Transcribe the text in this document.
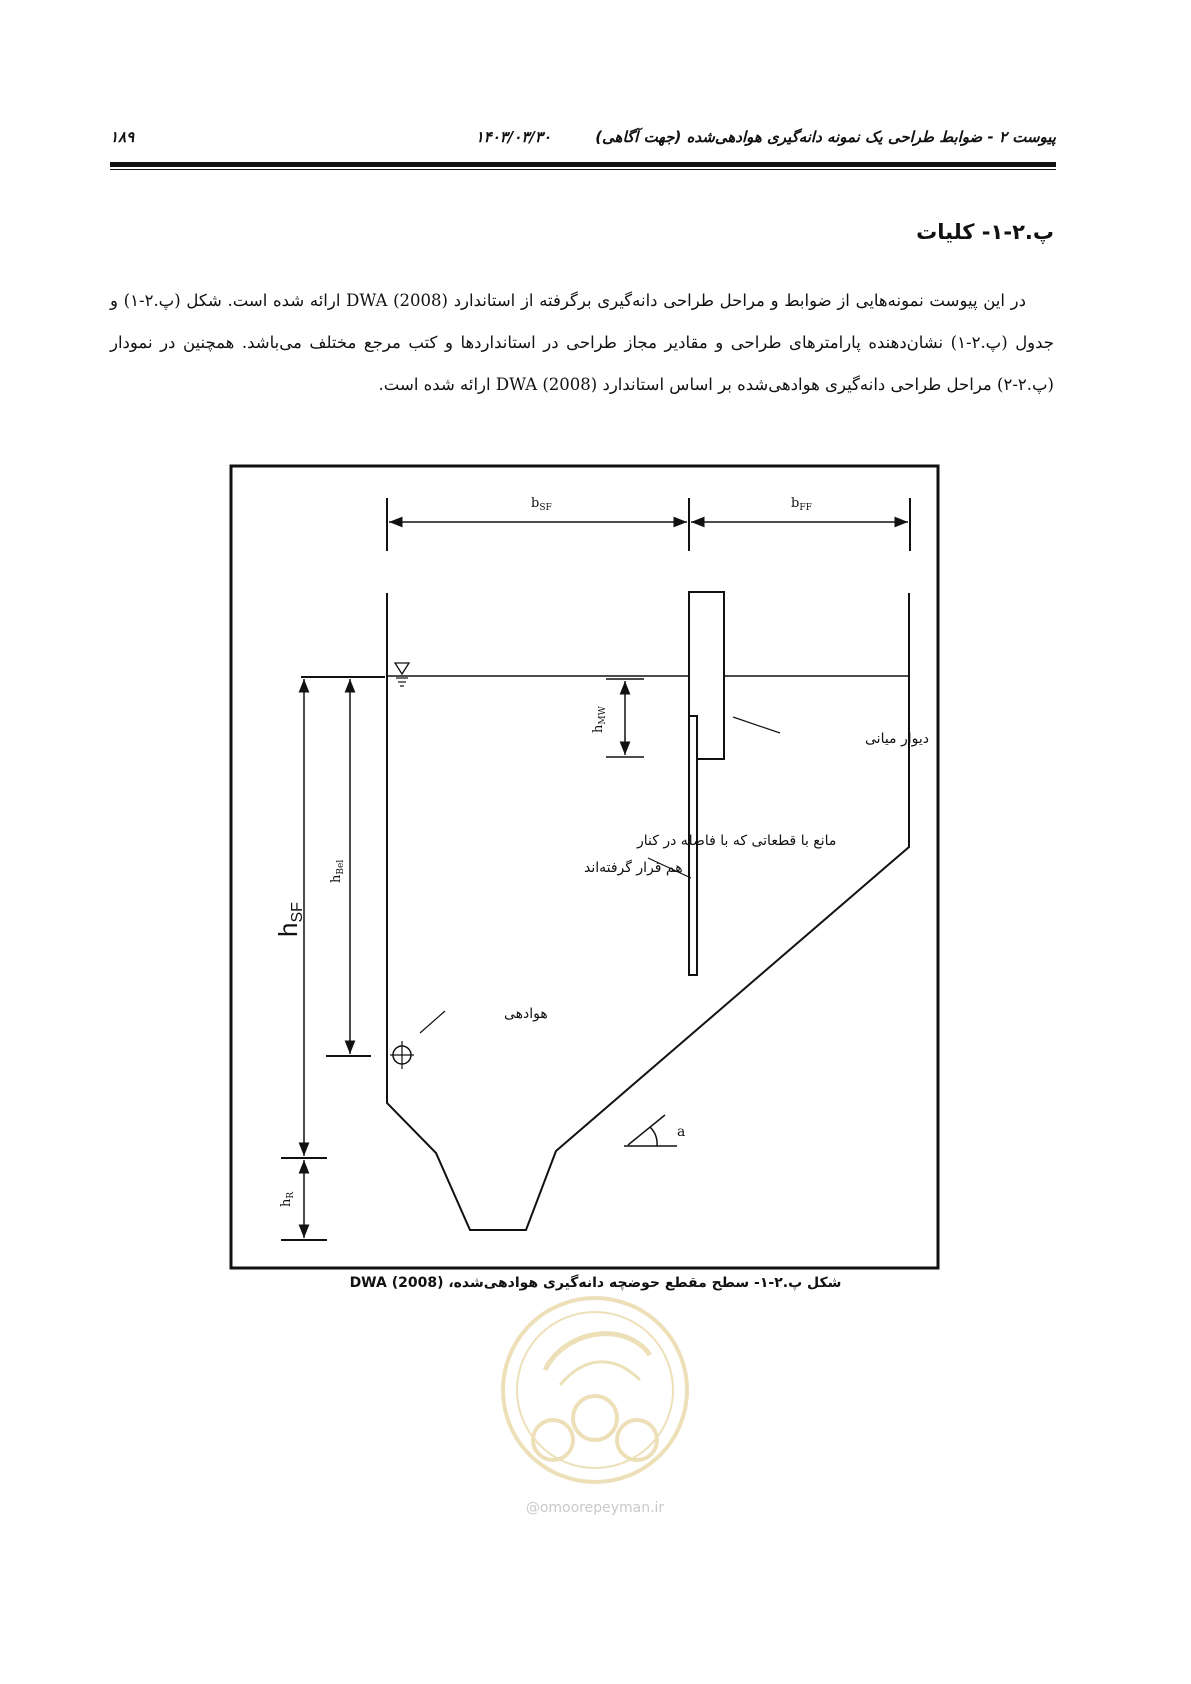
پیوست ۲ - ضوابط طراحی یک نمونه دانه‌گیری هوادهی‌شده (جهت آگاهی)
۱۴۰۳/۰۳/۳۰
۱۸۹
پ.۲-۱- کلیات
در این پیوست نمونه‌هایی از ضوابط و مراحل طراحی دانه‌گیری برگرفته از استاندارد DWA (2008) ارائه شده است. شکل (پ.۲-۱) و جدول (پ.۲-۱) نشان‌دهنده پارامترهای طراحی و مقادیر مجاز طراحی در استانداردها و کتب مرجع مختلف می‌باشد. همچنین در نمودار (پ.۲-۲) مراحل طراحی دانه‌گیری هوادهی‌شده بر اساس استاندارد DWA (2008) ارائه شده است.
$b_{SF}$	$b_{FF}$
$h_{MW}$
$h_{Bel}$
$h_R$
a
hSF
دیوار میانی
مانع با قطعاتی که با فاصله در کنار
هم قرار گرفته‌اند
هوادهی
شکل پ.۲-۱- سطح مقطع حوضچه دانه‌گیری هوادهی‌شده، DWA (2008)
@omoorepeyman.ir
